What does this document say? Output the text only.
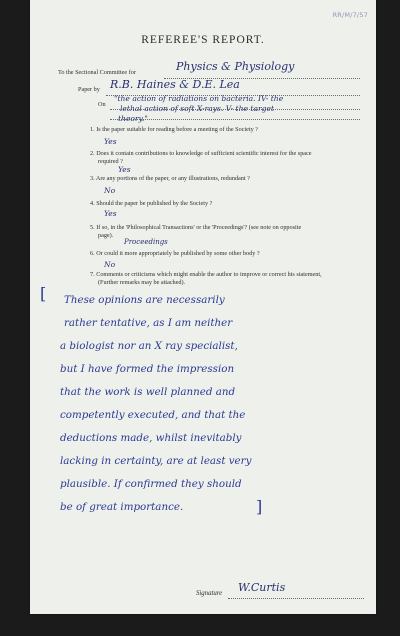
RR/M/7/57
REFEREE'S REPORT.
To the Sectional Committee for	Physics & Physiology
Paper by R.B. Haines & D.E. Lea
On
"the action of radiations on bacteria. IV- the
lethal action of soft X-rays. V- the target
theory."
1. Is the paper suitable for reading before a meeting of the Society ?
Yes
2. Does it contain contributions to knowledge of sufficient scientific interest for the space
required ?
Yes
3. Are any portions of the paper, or any illustrations, redundant ?
No
4. Should the paper be published by the Society ?
Yes
5. If so, in the 'Philosophical Transactions' or the 'Proceedings'? (see note on opposite
page).
Proceedings
6. Or could it more appropriately be published by some other body ?
No
7. Comments or criticisms which might enable the author to improve or correct his statement,
(Further remarks may be attached).
[ These opinions are necessarily
rather tentative, as I am neither
a biologist nor an X ray specialist,
but I have formed the impression
that the work is well planned and
competently executed, and that the
deductions made, whilst inevitably
lacking in certainty, are at least very
plausible. If confirmed they should
be of great importance.	]
Signature W.Curtis
